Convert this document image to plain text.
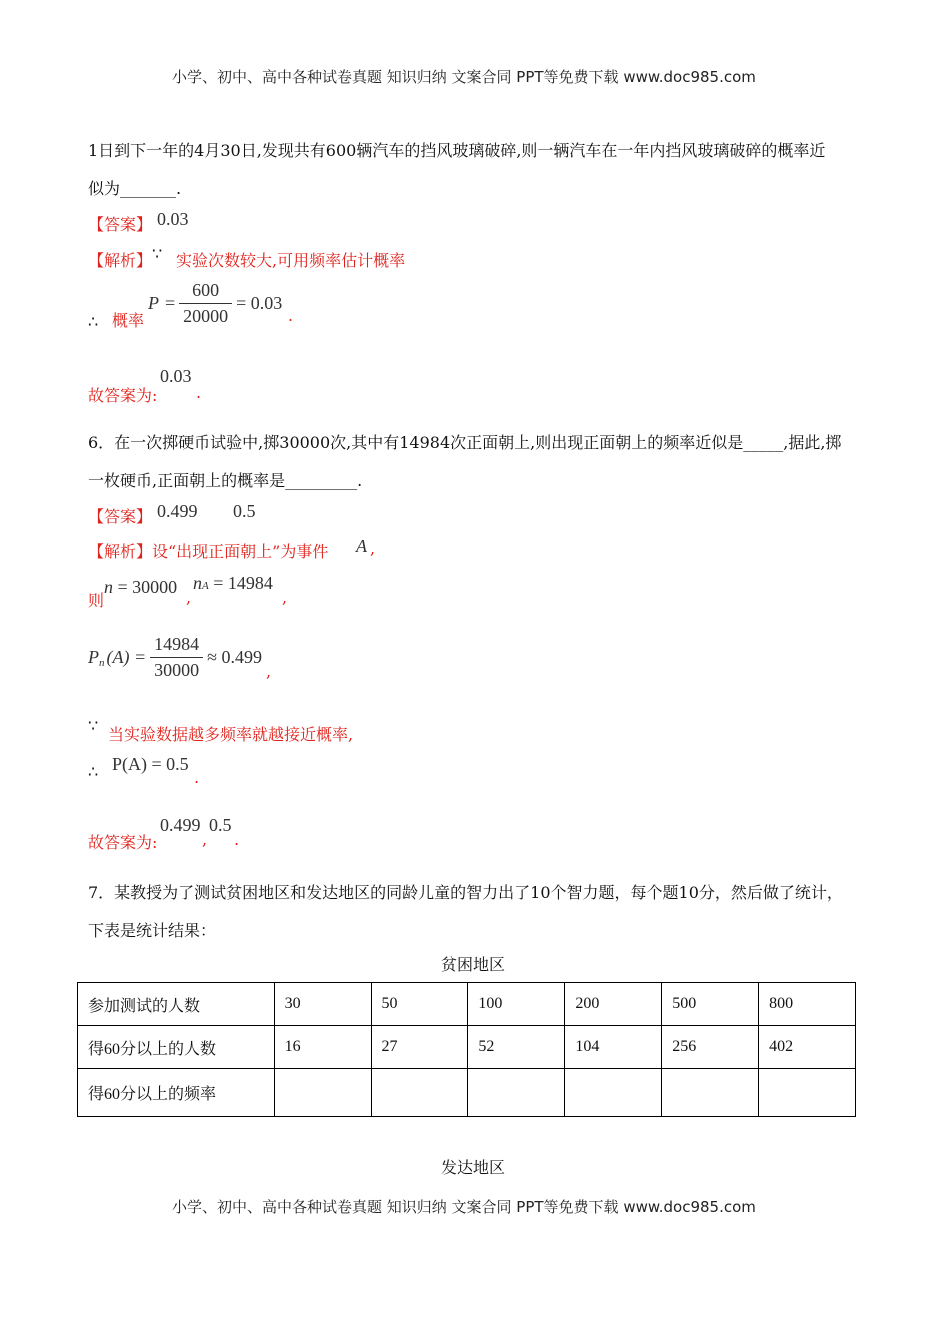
小学、初中、高中各种试卷真题 知识归纳 文案合同 PPT等免费下载 www.doc985.com
1日到下一年的4月30日,发现共有600辆汽车的挡风玻璃破碎,则一辆汽车在一年内挡风玻璃破碎的概率近
似为_______.
【答案】 0.03
【解析】 ∵ 实验次数较大,可用频率估计概率
∴ 概率
$P = \frac{600}{20000} = 0.03$
.
0.03
故答案为: .
6．在一次掷硬币试验中,掷30000次,其中有14984次正面朝上,则出现正面朝上的频率近似是_____,据此,掷
一枚硬币,正面朝上的概率是_________.
【答案】 0.499 0.5
【解析】 设“出现正面朝上”为事件 A ,
则
n = 30000
,
nA = 14984
,
P n $(A) = \frac{14984}{30000} \approx 0.499$
,
∵ 当实验数据越多频率就越接近概率,
∴ P(A) = 0.5
.
0.499 0.5
故答案为:	, .
7．某教授为了测试贫困地区和发达地区的同龄儿童的智力出了10个智力题，每个题10分，然后做了统计，
下表是统计结果：
贫困地区
参加测试的人数	30	50	100	200	500	800
得60分以上的人数	16	27	52	104	256	402
得60分以上的频率						
发达地区
小学、初中、高中各种试卷真题 知识归纳 文案合同 PPT等免费下载 www.doc985.com
